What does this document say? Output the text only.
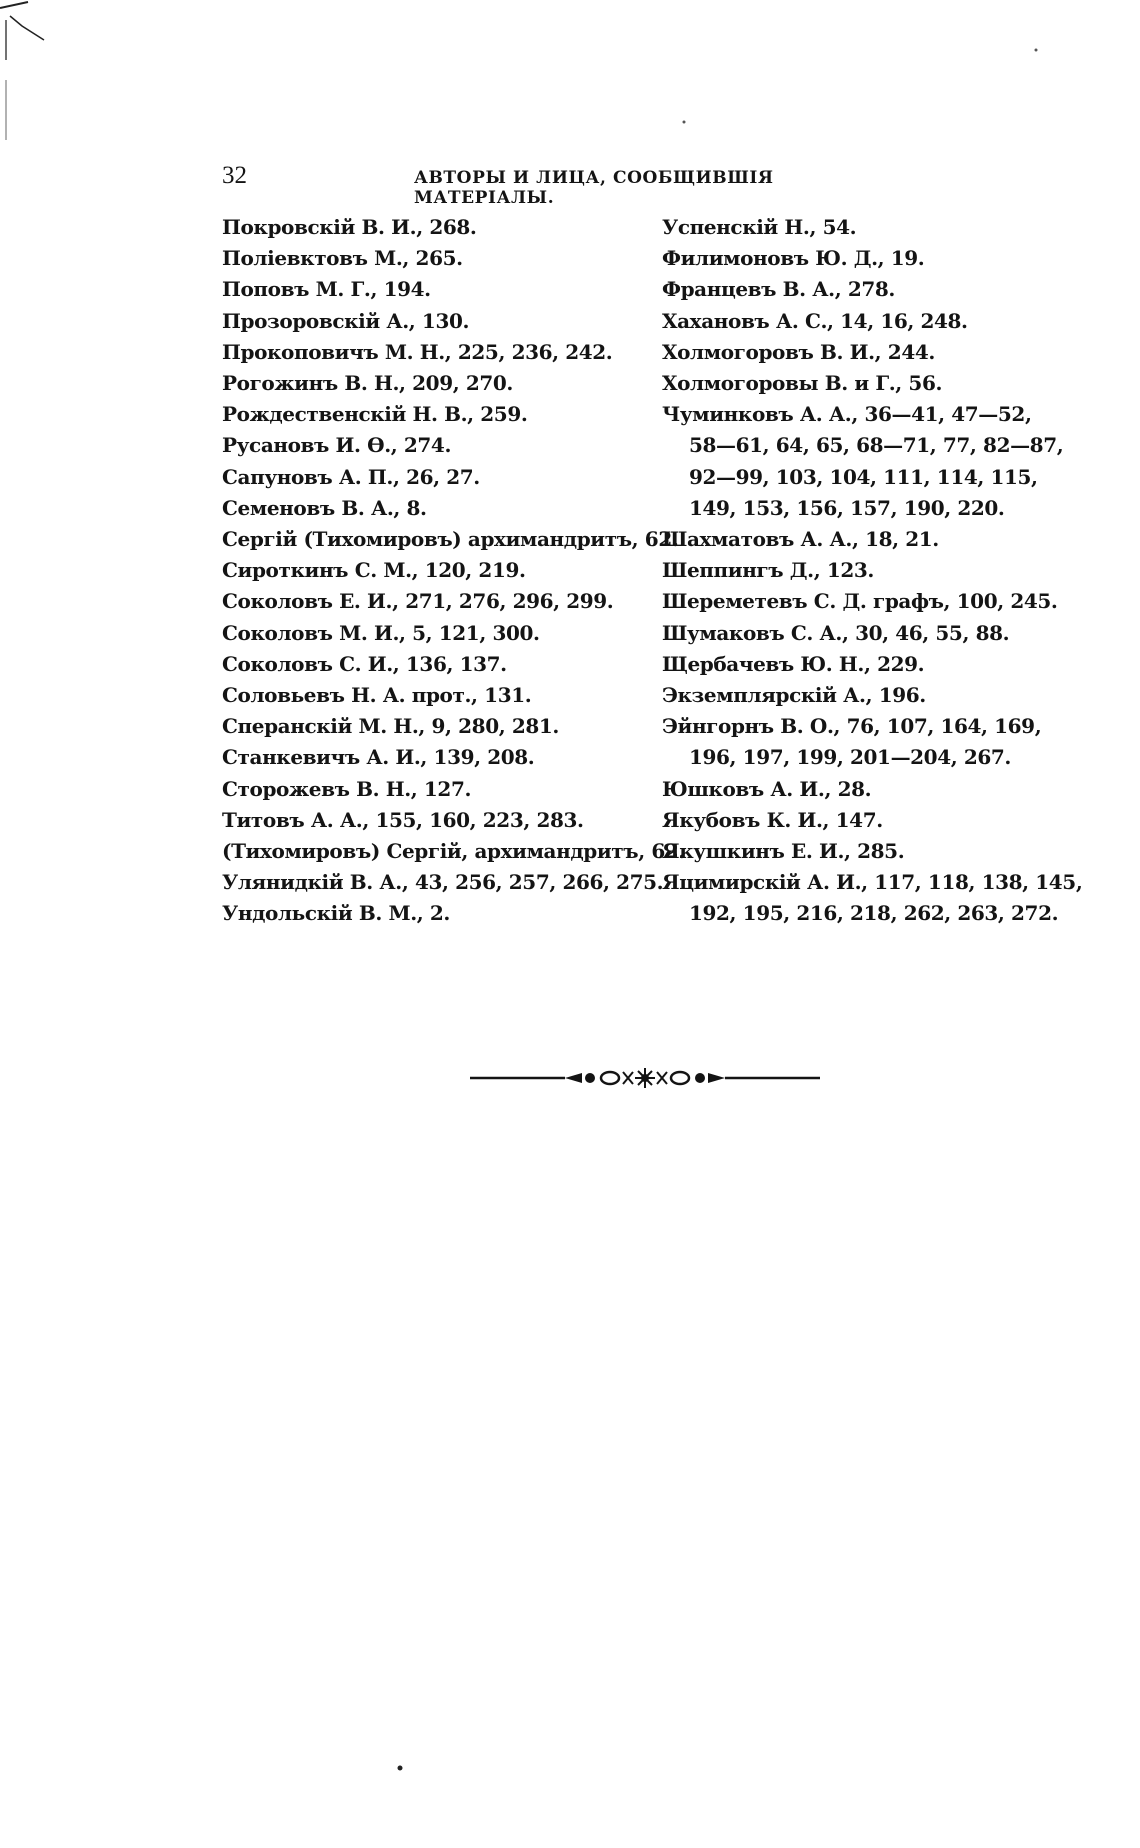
32	АВТОРЫ И ЛИЦА, СООБЩИВШІЯ МАТЕРІАЛЫ.
Покровскій В. И., 268.
Поліевктовъ М., 265.
Поповъ М. Г., 194.
Прозоровскій А., 130.
Прокоповичъ М. Н., 225, 236, 242.
Рогожинъ В. Н., 209, 270.
Рождественскій Н. В., 259.
Русановъ И. Ѳ., 274.
Сапуновъ А. П., 26, 27.
Семеновъ В. А., 8.
Сергій (Тихомировъ) архимандритъ, 62.
Сироткинъ С. М., 120, 219.
Соколовъ Е. И., 271, 276, 296, 299.
Соколовъ М. И., 5, 121, 300.
Соколовъ С. И., 136, 137.
Соловьевъ Н. А. прот., 131.
Сперанскій М. Н., 9, 280, 281.
Станкевичъ А. И., 139, 208.
Сторожевъ В. Н., 127.
Титовъ А. А., 155, 160, 223, 283.
(Тихомировъ) Сергій, архимандритъ, 62.
Улянидкій В. А., 43, 256, 257, 266, 275.
Ундольскій В. М., 2.
Успенскій Н., 54.
Филимоновъ Ю. Д., 19.
Францевъ В. А., 278.
Хахановъ А. С., 14, 16, 248.
Холмогоровъ В. И., 244.
Холмогоровы В. и Г., 56.
Чуминковъ А. А., 36—41, 47—52,
58—61, 64, 65, 68—71, 77, 82—87,
92—99, 103, 104, 111, 114, 115,
149, 153, 156, 157, 190, 220.
Шахматовъ А. А., 18, 21.
Шеппингъ Д., 123.
Шереметевъ С. Д. графъ, 100, 245.
Шумаковъ С. А., 30, 46, 55, 88.
Щербачевъ Ю. Н., 229.
Экземплярскій А., 196.
Эйнгорнъ В. О., 76, 107, 164, 169,
196, 197, 199, 201—204, 267.
Юшковъ А. И., 28.
Якубовъ К. И., 147.
Якушкинъ Е. И., 285.
Яцимирскій А. И., 117, 118, 138, 145,
192, 195, 216, 218, 262, 263, 272.
